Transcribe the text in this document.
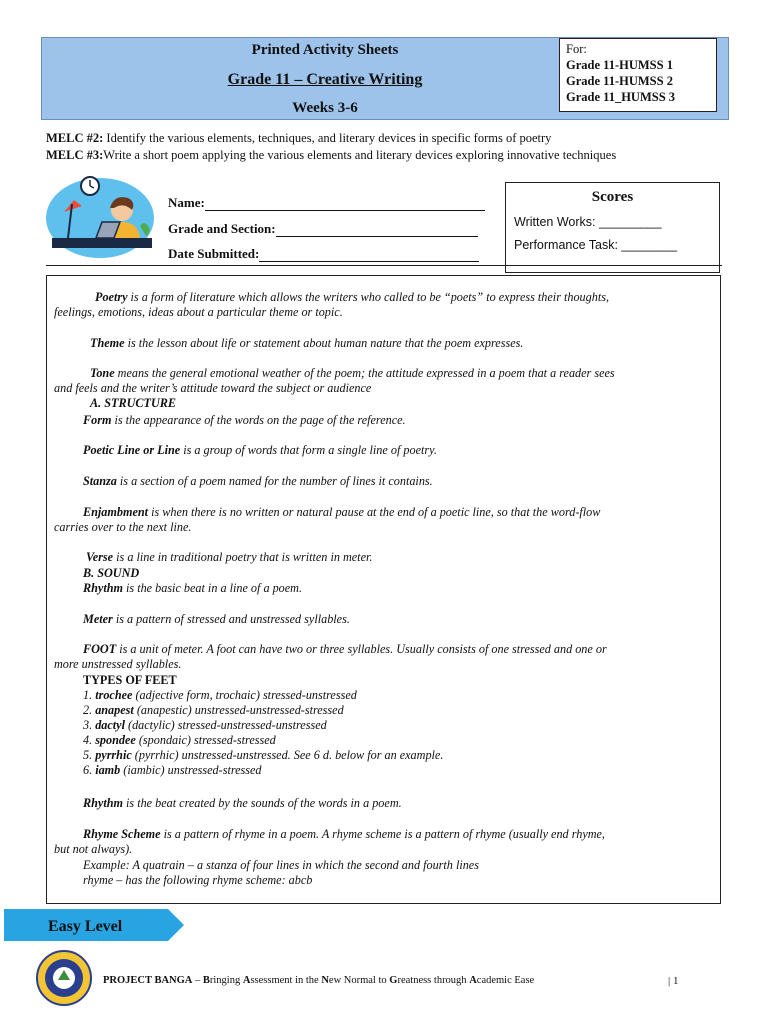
Printed Activity Sheets
Grade 11 – Creative Writing
Weeks 3-6
For:
Grade 11-HUMSS 1
Grade 11-HUMSS 2
Grade 11_HUMSS 3
MELC #2: Identify the various elements, techniques, and literary devices in specific forms of poetry
MELC #3:Write a short poem applying the various elements and literary devices exploring innovative techniques
Name:
Grade and Section:
Date Submitted:
Scores
Written Works: _________
Performance Task: ________
Poetry is a form of literature which allows the writers who called to be “poets” to express their thoughts,
feelings, emotions, ideas about a particular theme or topic.
Theme is the lesson about life or statement about human nature that the poem expresses.
Tone means the general emotional weather of the poem; the attitude expressed in a poem that a reader sees
and feels and the writer’s attitude toward the subject or audience
A. STRUCTURE
Form is the appearance of the words on the page of the reference.
Poetic Line or Line is a group of words that form a single line of poetry.
Stanza is a section of a poem named for the number of lines it contains.
Enjambment is when there is no written or natural pause at the end of a poetic line, so that the word-flow
carries over to the next line.
Verse is a line in traditional poetry that is written in meter.
B. SOUND
Rhythm is the basic beat in a line of a poem.
Meter is a pattern of stressed and unstressed syllables.
FOOT is a unit of meter. A foot can have two or three syllables. Usually consists of one stressed and one or
more unstressed syllables.
TYPES OF FEET
1. trochee (adjective form, trochaic) stressed-unstressed
2. anapest (anapestic) unstressed-unstressed-stressed
3. dactyl (dactylic) stressed-unstressed-unstressed
4. spondee (spondaic) stressed-stressed
5. pyrrhic (pyrrhic) unstressed-unstressed. See 6 d. below for an example.
6. iamb (iambic) unstressed-stressed
Rhythm is the beat created by the sounds of the words in a poem.
Rhyme Scheme is a pattern of rhyme in a poem. A rhyme scheme is a pattern of rhyme (usually end rhyme,
but not always).
Example: A quatrain – a stanza of four lines in which the second and fourth lines
rhyme – has the following rhyme scheme: abcb
Easy Level
PROJECT BANGA – Bringing Assessment in the New Normal to Greatness through Academic Ease	| 1
